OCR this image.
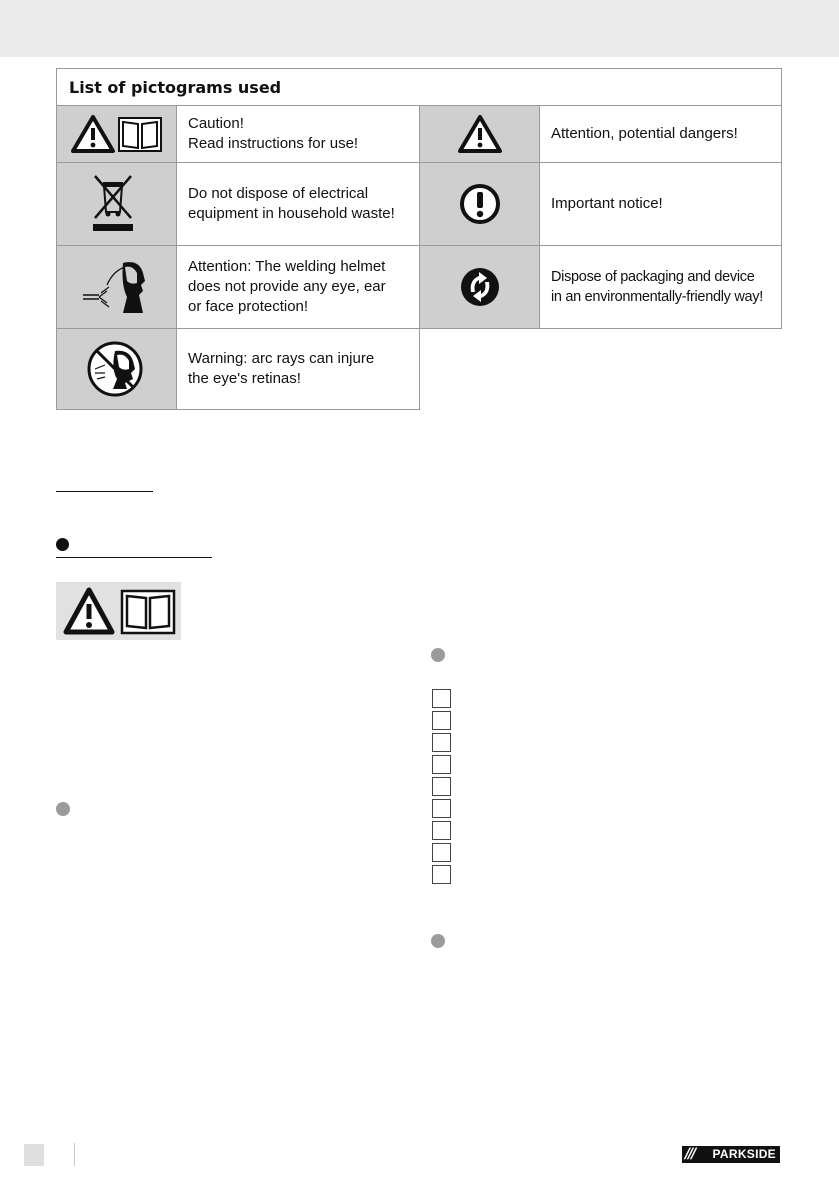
List of pictograms used
Caution!
Read instructions for use!
Attention, potential dangers!
Do not dispose of electrical
equipment in household waste!
Important notice!
Attention: The welding helmet
does not provide any eye, ear
or face protection!
Dispose of packaging and device
in an environmentally-friendly way!
Warning: arc rays can injure
the eye's retinas!
/// PARKSIDE
